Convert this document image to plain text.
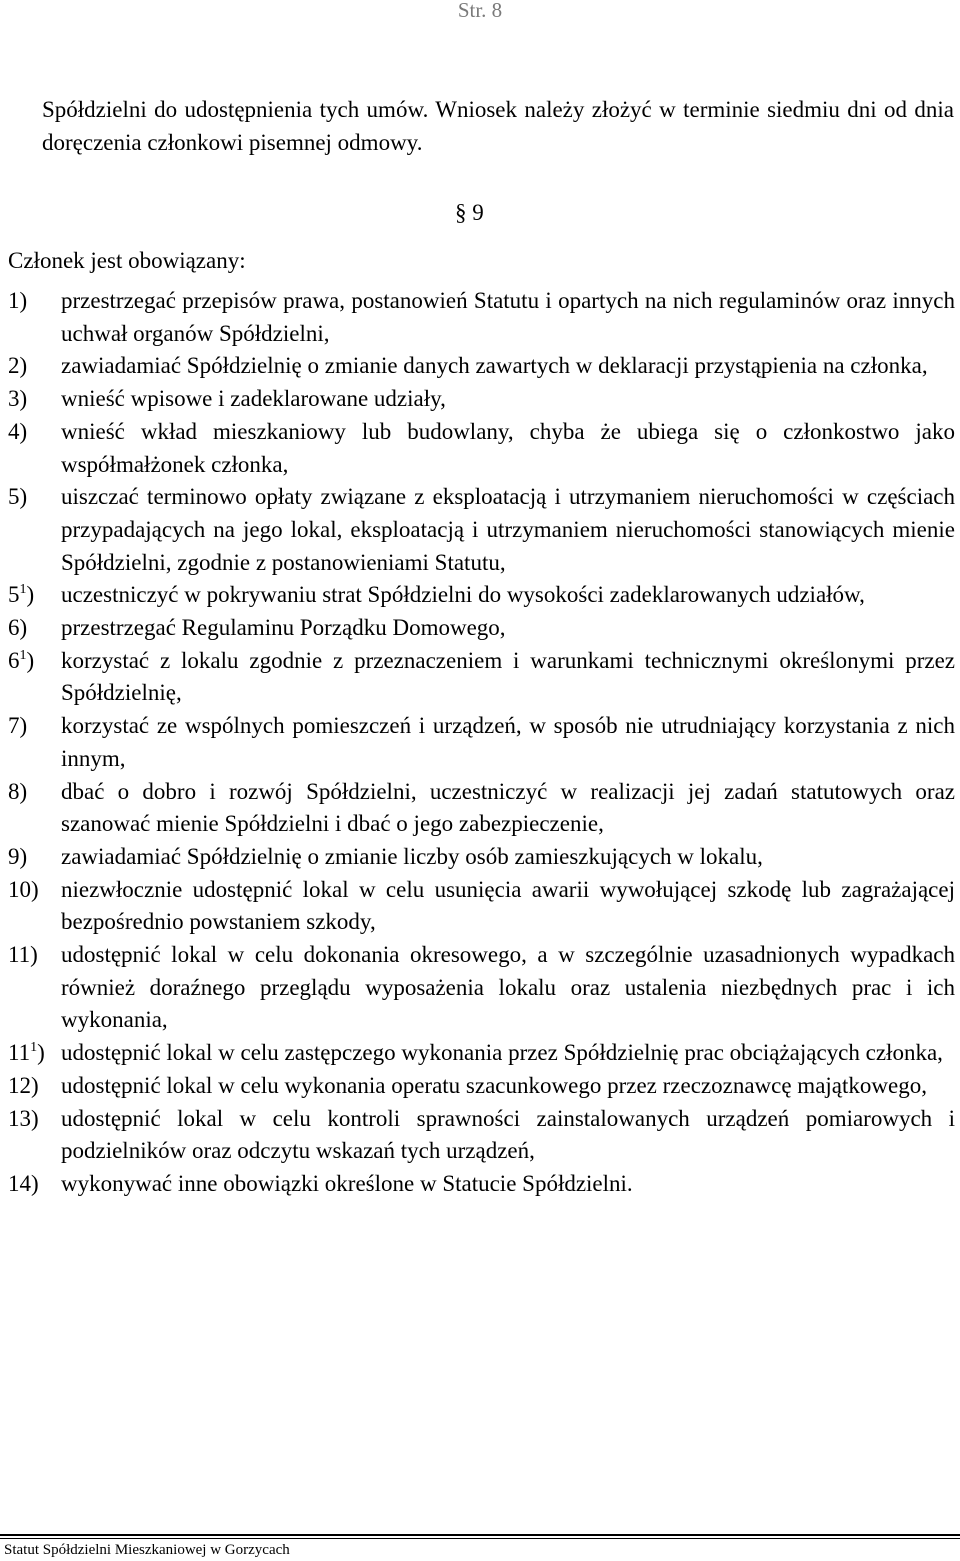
Str. 8

Spółdzielni do udostępnienia tych umów. Wniosek należy złożyć w terminie siedmiu dni od dnia doręczenia członkowi pisemnej odmowy.

§ 9
Członek jest obowiązany:
1) przestrzegać przepisów prawa, postanowień Statutu i opartych na nich regulaminów oraz innych uchwał organów Spółdzielni,
2) zawiadamiać Spółdzielnię o zmianie danych zawartych w deklaracji przystąpienia na członka,
3) wnieść wpisowe i zadeklarowane udziały,
4) wnieść wkład mieszkaniowy lub budowlany, chyba że ubiega się o członkostwo jako współmałżonek członka,
5) uiszczać terminowo opłaty związane z eksploatacją i utrzymaniem nieruchomości w częściach przypadających na jego lokal, eksploatacją i utrzymaniem nieruchomości stanowiących mienie Spółdzielni, zgodnie z postanowieniami Statutu,
$5^1$) uczestniczyć w pokrywaniu strat Spółdzielni do wysokości zadeklarowanych udziałów,
6) przestrzegać Regulaminu Porządku Domowego,
$6^1$) korzystać z lokalu zgodnie z przeznaczeniem i warunkami technicznymi określonymi przez Spółdzielnię,
7) korzystać ze wspólnych pomieszczeń i urządzeń, w sposób nie utrudniający korzystania z nich innym,
8) dbać o dobro i rozwój Spółdzielni, uczestniczyć w realizacji jej zadań statutowych oraz szanować mienie Spółdzielni i dbać o jego zabezpieczenie,
9) zawiadamiać Spółdzielnię o zmianie liczby osób zamieszkujących w lokalu,
10) niezwłocznie udostępnić lokal w celu usunięcia awarii wywołującej szkodę lub zagrażającej bezpośrednio powstaniem szkody,
11) udostępnić lokal w celu dokonania okresowego, a w szczególnie uzasadnionych wypadkach również doraźnego przeglądu wyposażenia lokalu oraz ustalenia niezbędnych prac i ich wykonania,
$11^1$) udostępnić lokal w celu zastępczego wykonania przez Spółdzielnię prac obciążających członka,
12) udostępnić lokal w celu wykonania operatu szacunkowego przez rzeczoznawcę majątkowego,
13) udostępnić lokal w celu kontroli sprawności zainstalowanych urządzeń pomiarowych i podzielników oraz odczytu wskazań tych urządzeń,
14) wykonywać inne obowiązki określone w Statucie Spółdzielni.
Statut Spółdzielni Mieszkaniowej w Gorzycach
